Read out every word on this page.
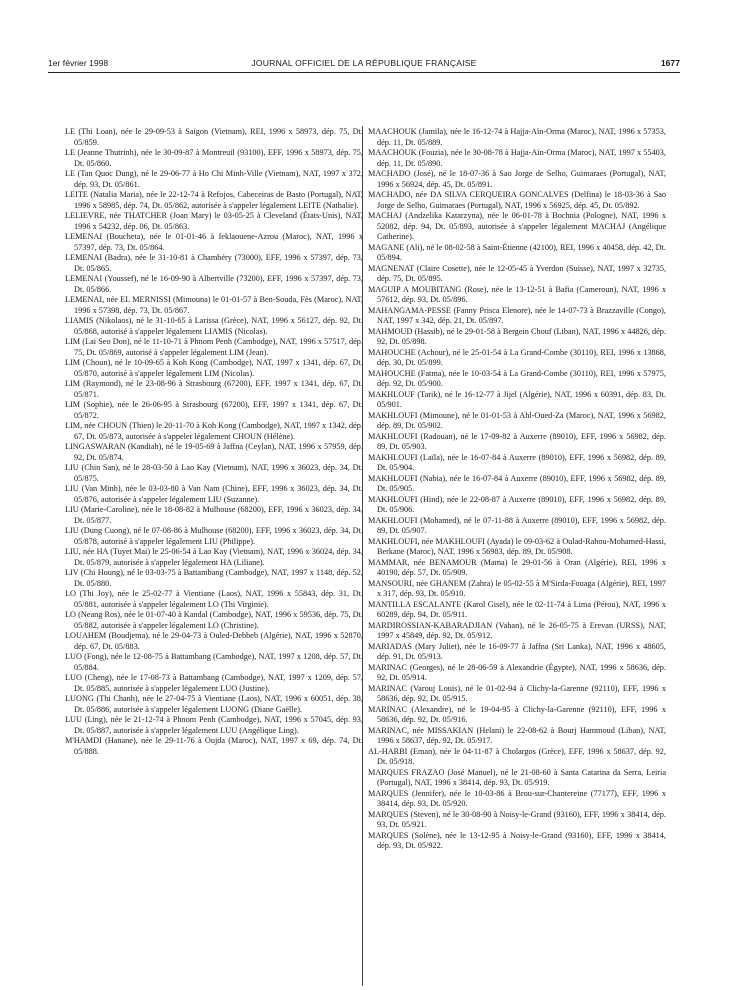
1er février 1998	JOURNAL OFFICIEL DE LA RÉPUBLIQUE FRANÇAISE	1677

LE (Thi Loan), née le 29-09-53 à Saigon (Vietnam), REI, 1996 x 58973, dép. 75, Dt. 05/859.

LE (Jeanne Thutrinh), née le 30-09-87 à Montreuil (93100), EFF, 1996 x 58973, dép. 75, Dt. 05/860.

LE (Tan Quoc Dung), né le 29-06-77 à Ho Chi Minh-Ville (Vietnam), NAT, 1997 x 372, dép. 93, Dt. 05/861.

LEITE (Natalia Maria), née le 22-12-74 à Refojos, Cabeceiras de Basto (Portugal), NAT, 1996 x 58985, dép. 74, Dt. 05/862, autorisée à s'appeler légalement LEITE (Nathalie).

LELIEVRE, née THATCHER (Joan Mary) le 03-05-25 à Cleveland (États-Unis), NAT, 1996 x 54232, dép. 06, Dt. 05/863.

LEMENAI (Boucheta), née le 01-01-46 à Ieklaouene-Azrou (Maroc), NAT, 1996 x 57397, dép. 73, Dt. 05/864.

LEMENAI (Badra), née le 31-10-81 à Chambéry (73000), EFF, 1996 x 57397, dép. 73, Dt. 05/865.

LEMENAI (Youssef), né le 16-09-90 à Albertville (73200), EFF, 1996 x 57397, dép. 73, Dt. 05/866.

LEMENAI, née EL MERNISSI (Mimouna) le 01-01-57 à Ben-Souda, Fès (Maroc), NAT, 1996 x 57398, dép. 73, Dt. 05/867.

LIAMIS (Nikolaos), né le 31-10-65 à Larissa (Grèce), NAT, 1996 x 56127, dép. 92, Dt. 05/868, autorisé à s'appeler légalement LIAMIS (Nicolas).

LIM (Lai Seo Don), né le 11-10-71 à Phnom Penh (Cambodge), NAT, 1996 x 57517, dép. 75, Dt. 05/869, autorisé à s'appeler légalement LIM (Jean).

LIM (Choun), né le 10-09-65 à Koh Kong (Cambodge), NAT, 1997 x 1341, dép. 67, Dt. 05/870, autorisé à s'appeler légalement LIM (Nicolas).

LIM (Raymond), né le 23-08-96 à Strasbourg (67200), EFF, 1997 x 1341, dép. 67, Dt. 05/871.

LIM (Sophie), née le 26-06-95 à Strasbourg (67200), EFF, 1997 x 1341, dép. 67, Dt. 05/872.

LIM, née CHOUN (Thien) le 20-11-70 à Koh Kong (Cambodge), NAT, 1997 x 1342, dép. 67, Dt. 05/873, autorisée à s'appeler légalement CHOUN (Hélène).

LINGASWARAN (Kandiah), né le 19-05-69 à Jaffna (Ceylan), NAT, 1996 x 57959, dép. 92, Dt. 05/874.

LIU (Chin San), né le 28-03-50 à Lao Kay (Vietnam), NAT, 1996 x 36023, dép. 34, Dt. 05/875.

LIU (Van Minh), née le 03-03-80 à Van Nam (Chine), EFF, 1996 x 36023, dép. 34, Dt. 05/876, autorisée à s'appeler légalement LIU (Suzanne).

LIU (Marie-Caroline), née le 18-08-82 à Mulhouse (68200), EFF, 1996 x 36023, dép. 34, Dt. 05/877.

LIU (Dung Cuong), né le 07-08-86 à Mulhouse (68200), EFF, 1996 x 36023, dép. 34, Dt. 05/878, autorisé à s'appeler légalement LIU (Philippe).

LIU, née HA (Tuyet Mai) le 25-06-54 à Lao Kay (Vietnam), NAT, 1996 x 36024, dép. 34, Dt. 05/879, autorisée à s'appeler légalement HA (Liliane).

LIV (Chi Houng), né le 03-03-75 à Battambang (Cambodge), NAT, 1997 x 1148, dép. 52, Dt. 05/880.

LO (Thi Joy), née le 25-02-77 à Vientiane (Laos), NAT, 1996 x 55843, dép. 31, Dt. 05/881, autorisée à s'appeler légalement LO (Thi Virginie).

LO (Neang Ros), née le 01-07-40 à Kandal (Cambodge), NAT, 1996 x 59536, dép. 75, Dt. 05/882, autorisée à s'appeler légalement LO (Christine).

LOUAHEM (Boudjema), né le 29-04-73 à Ouled-Debbeb (Algérie), NAT, 1996 x 52870, dép. 67, Dt. 05/883.

LUO (Fong), née le 12-08-75 à Battambang (Cambodge), NAT, 1997 x 1208, dép. 57, Dt. 05/884.

LUO (Cheng), née le 17-08-73 à Battambang (Cambodge), NAT, 1997 x 1209, dép. 57, Dt. 05/885, autorisée à s'appeler légalement LUO (Justine).

LUONG (Thi Chanh), née le 27-04-75 à Vientiane (Laos), NAT, 1996 x 60051, dép. 38, Dt. 05/886, autorisée à s'appeler légalement LUONG (Diane Gaëlle).

LUU (Ling), née le 21-12-74 à Phnom Penh (Cambodge), NAT, 1996 x 57045, dép. 93, Dt. 05/887, autorisée à s'appeler légalement LUU (Angélique Ling).

M'HAMDI (Hanane), née le 29-11-76 à Oujda (Maroc), NAT, 1997 x 69, dép. 74, Dt. 05/888.

MAACHOUK (Jamila), née le 16-12-74 à Hajja-Aïn-Orma (Maroc), NAT, 1996 x 57353, dép. 11, Dt. 05/889.

MAACHOUK (Fouzia), née le 30-08-78 à Hajja-Aïn-Orma (Maroc), NAT, 1997 x 55403, dép. 11, Dt. 05/890.

MACHADO (José), né le 18-07-36 à Sao Jorge de Selho, Guimaraes (Portugal), NAT, 1996 x 56924, dép. 45, Dt. 05/891.

MACHADO, née DA SILVA CERQUEIRA GONCALVES (Delfina) le 18-03-36 à Sao Jorge de Selho, Guimaraes (Portugal), NAT, 1996 x 56925, dép. 45, Dt. 05/892.

MACHAJ (Andzelika Katarzyna), née le 06-01-78 à Bochnia (Pologne), NAT, 1996 x 52082, dép. 94, Dt. 05/893, autorisée à s'appeler légalement MACHAJ (Angélique Catherine).

MAGANE (Ali), né le 08-02-58 à Saint-Étienne (42100), REI, 1996 x 40458, dép. 42, Dt. 05/894.

MAGNENAT (Claire Cosette), née le 12-05-45 à Yverdon (Suisse), NAT, 1997 x 32735, dép. 75, Dt. 05/895.

MAGUIP A MOUBITANG (Rose), née le 13-12-51 à Bafia (Cameroun), NAT, 1996 x 57612, dép. 93, Dt. 05/896.

MAHANGAMA-PESSE (Fanny Prisca Elenore), née le 14-07-73 à Brazzaville (Congo), NAT, 1997 x 342, dép. 21, Dt. 05/897.

MAHMOUD (Hassib), né le 29-01-58 à Bergein Chouf (Liban), NAT, 1996 x 44826, dép. 92, Dt. 05/898.

MAHOUCHE (Achour), né le 25-01-54 à La Grand-Combe (30110), REI, 1996 x 13868, dép. 30, Dt. 05/899.

MAHOUCHE (Fatma), née le 10-03-54 à La Grand-Combe (30110), REI, 1996 x 57975, dép. 92, Dt. 05/900.

MAKHLOUF (Tarik), né le 16-12-77 à Jijel (Algérie), NAT, 1996 x 60391, dép. 83, Dt. 05/901.

MAKHLOUFI (Mimoune), né le 01-01-53 à Ahl-Oued-Za (Maroc), NAT, 1996 x 56982, dép. 89, Dt. 05/902.

MAKHLOUFI (Radouan), né le 17-09-82 à Auxerre (89010), EFF, 1996 x 56982, dép. 89, Dt. 05/903.

MAKHLOUFI (Laïla), née le 16-07-84 à Auxerre (89010), EFF, 1996 x 56982, dép. 89, Dt. 05/904.

MAKHLOUFI (Nabia), née le 16-07-84 à Auxerre (89010), EFF, 1996 x 56982, dép. 89, Dt. 05/905.

MAKHLOUFI (Hind), née le 22-08-87 à Auxerre (89010), EFF, 1996 x 56982, dép. 89, Dt. 05/906.

MAKHLOUFI (Mohamed), né le 07-11-88 à Auxerre (89010), EFF, 1996 x 56982, dép. 89, Dt. 05/907.

MAKHLOUFI, née MAKHLOUFI (Ayada) le 09-03-62 à Oulad-Rahou-Mohamed-Hassi, Berkane (Maroc), NAT, 1996 x 56983, dép. 89, Dt. 05/908.

MAMMAR, née BENAMOUR (Mama) le 29-01-56 à Oran (Algérie), REI, 1996 x 40190, dép. 57, Dt. 05/909.

MANSOURI, née GHANEM (Zahra) le 05-02-55 à M'Sirda-Fouaga (Algérie), REI, 1997 x 317, dép. 93, Dt. 05/910.

MANTILLA ESCALANTE (Karol Gisel), née le 02-11-74 à Lima (Pérou), NAT, 1996 x 60289, dép. 94, Dt. 05/911.

MARDIROSSIAN-KABARADJIAN (Vahan), né le 26-05-75 à Erevan (URSS), NAT, 1997 x 45849, dép. 92, Dt. 05/912.

MARIADAS (Mary Juliet), née le 16-09-77 à Jaffna (Sri Lanka), NAT, 1996 x 48605, dép. 91, Dt. 05/913.

MARINAC (Georges), né le 28-06-59 à Alexandrie (Égypte), NAT, 1996 x 58636, dép. 92, Dt. 05/914.

MARINAC (Varouj Louis), né le 01-02-94 à Clichy-la-Garenne (92110), EFF, 1996 x 58636, dép. 92, Dt. 05/915.

MARINAC (Alexandre), né le 19-04-95 à Clichy-la-Garenne (92110), EFF, 1996 x 58636, dép. 92, Dt. 05/916.

MARINAC, née MISSAKIAN (Helani) le 22-08-62 à Bourj Hammoud (Liban), NAT, 1996 x 58637, dép. 92, Dt. 05/917.

AL-HARBI (Eman), née le 04-11-87 à Cholargos (Grèce), EFF, 1996 x 58637, dép. 92, Dt. 05/918.

MARQUES FRAZAO (José Manuel), né le 21-08-60 à Santa Catarina da Serra, Leiria (Portugal), NAT, 1996 x 38414, dép. 93, Dt. 05/919.

MARQUES (Jennifer), née le 10-03-86 à Brou-sur-Chantereine (77177), EFF, 1996 x 38414, dép. 93, Dt. 05/920.

MARQUES (Steven), né le 30-08-90 à Noisy-le-Grand (93160), EFF, 1996 x 38414, dép. 93, Dt. 05/921.

MARQUES (Solène), née le 13-12-95 à Noisy-le-Grand (93160), EFF, 1996 x 38414, dép. 93, Dt. 05/922.
